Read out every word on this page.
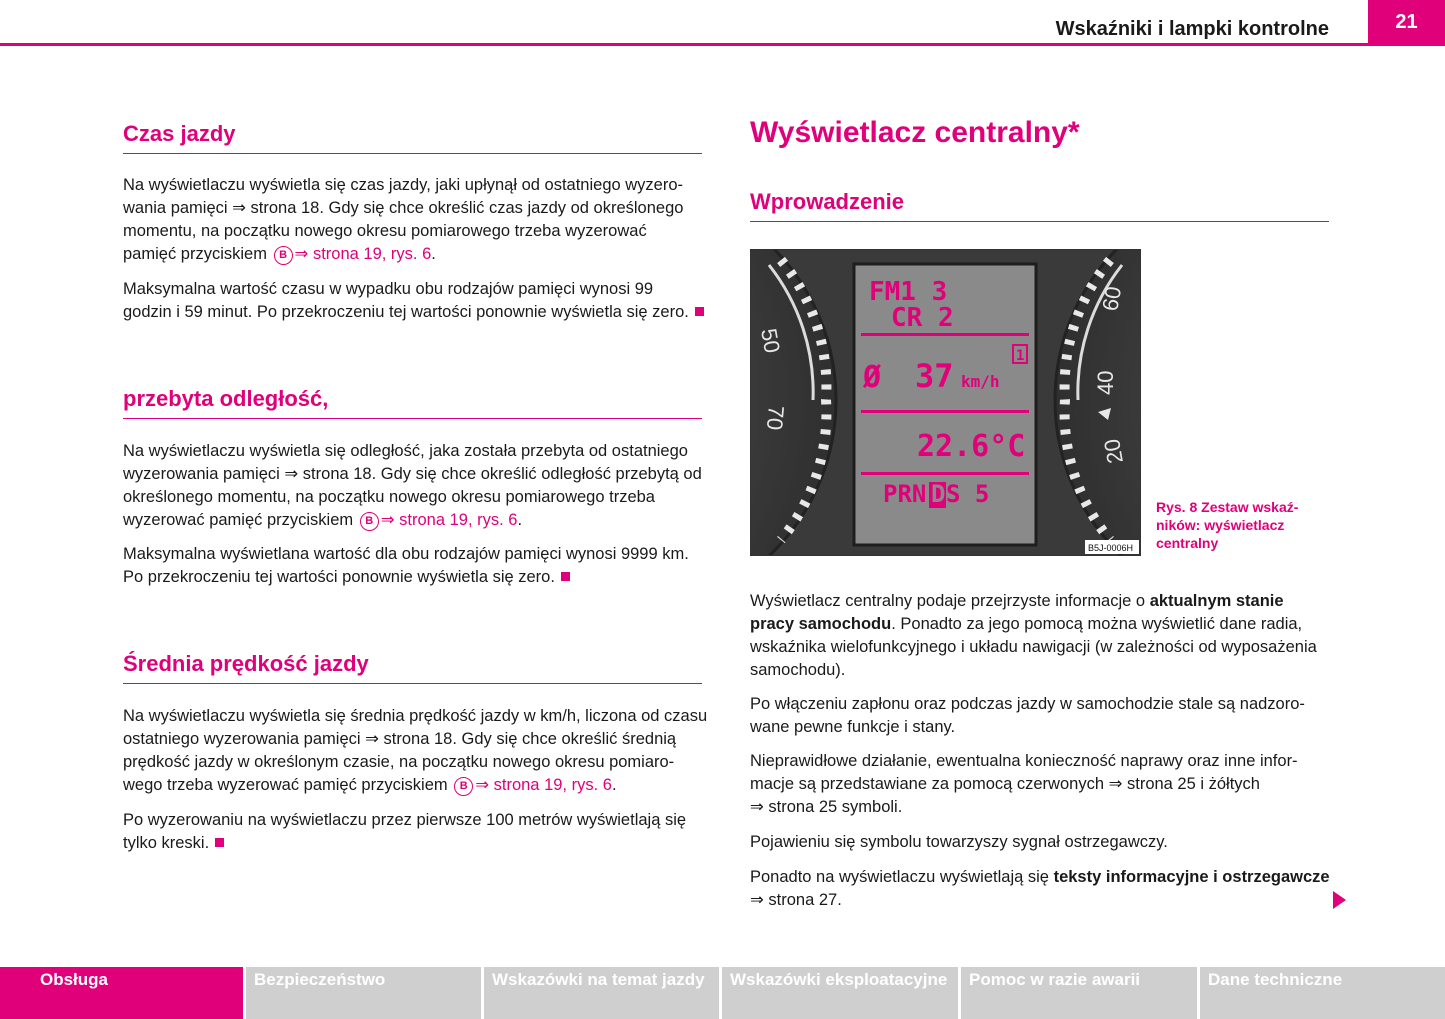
Wskaźniki i lampki kontrolne	21
Czas jazdy
Na wyświetlaczu wyświetla się czas jazdy, jaki upłynął od ostatniego wyzero-
wania pamięci ⇒ strona 18. Gdy się chce określić czas jazdy od określonego
momentu, na początku nowego okresu pomiarowego trzeba wyzerować
pamięć przyciskiem B ⇒ strona 19, rys. 6.
Maksymalna wartość czasu w wypadku obu rodzajów pamięci wynosi 99
godzin i 59 minut. Po przekroczeniu tej wartości ponownie wyświetla się zero.
przebyta odległość,
Na wyświetlaczu wyświetla się odległość, jaka została przebyta od ostatniego
wyzerowania pamięci ⇒ strona 18. Gdy się chce określić odległość przebytą od
określonego momentu, na początku nowego okresu pomiarowego trzeba
wyzerować pamięć przyciskiem B ⇒ strona 19, rys. 6.
Maksymalna wyświetlana wartość dla obu rodzajów pamięci wynosi 9999 km.
Po przekroczeniu tej wartości ponownie wyświetla się zero.
Średnia prędkość jazdy
Na wyświetlaczu wyświetla się średnia prędkość jazdy w km/h, liczona od czasu
ostatniego wyzerowania pamięci ⇒ strona 18. Gdy się chce określić średnią
prędkość jazdy w określonym czasie, na początku nowego okresu pomiaro-
wego trzeba wyzerować pamięć przyciskiem B ⇒ strona 19, rys. 6.
Po wyzerowaniu na wyświetlaczu przez pierwsze 100 metrów wyświetlają się
tylko kreski.
Wyświetlacz centralny*
Wprowadzenie
50
70
60
40
20
FM1 3
CR 2
1
Ø 37 km/h
22.6°C
PRN D S 5
B5J-0006H
Rys. 8 Zestaw wskaź-
ników: wyświetlacz
centralny
Wyświetlacz centralny podaje przejrzyste informacje o aktualnym stanie
pracy samochodu. Ponadto za jego pomocą można wyświetlić dane radia,
wskaźnika wielofunkcyjnego i układu nawigacji (w zależności od wyposażenia
samochodu).
Po włączeniu zapłonu oraz podczas jazdy w samochodzie stale są nadzoro-
wane pewne funkcje i stany.
Nieprawidłowe działanie, ewentualna konieczność naprawy oraz inne infor-
macje są przedstawiane za pomocą czerwonych ⇒ strona 25 i żółtych
⇒ strona 25 symboli.
Pojawieniu się symbolu towarzyszy sygnał ostrzegawczy.
Ponadto na wyświetlaczu wyświetlają się teksty informacyjne i ostrzegawcze
⇒ strona 27.
Obsługa	Bezpieczeństwo	Wskazówki na temat jazdy	Wskazówki eksploatacyjne	Pomoc w razie awarii	Dane techniczne
